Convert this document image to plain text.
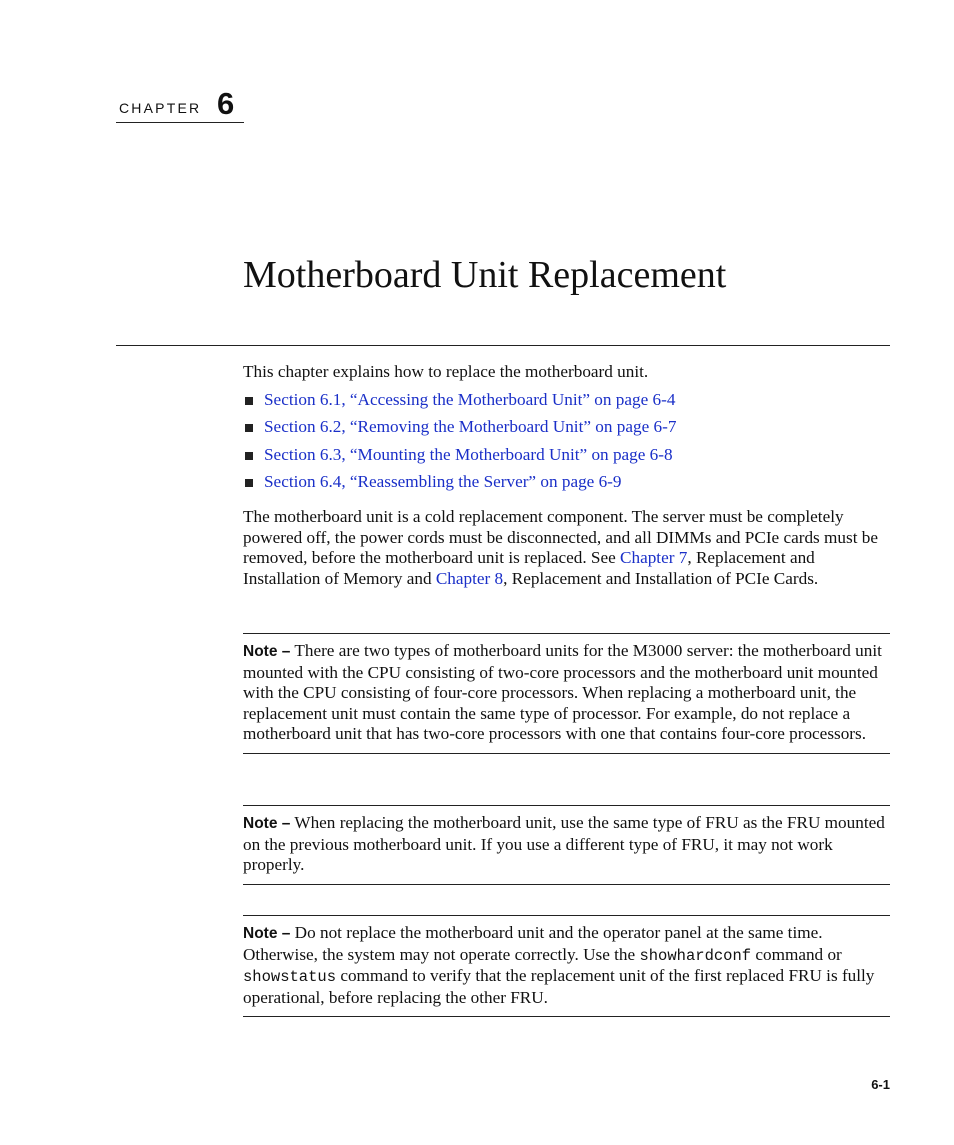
CHAPTER 6
Motherboard Unit Replacement

This chapter explains how to replace the motherboard unit.

Section 6.1, “Accessing the Motherboard Unit” on page 6-4
Section 6.2, “Removing the Motherboard Unit” on page 6-7
Section 6.3, “Mounting the Motherboard Unit” on page 6-8
Section 6.4, “Reassembling the Server” on page 6-9

The motherboard unit is a cold replacement component. The server must be completely powered off, the power cords must be disconnected, and all DIMMs and PCIe cards must be removed, before the motherboard unit is replaced. See Chapter 7, Replacement and Installation of Memory and Chapter 8, Replacement and Installation of PCIe Cards.

Note – There are two types of motherboard units for the M3000 server: the motherboard unit mounted with the CPU consisting of two-core processors and the motherboard unit mounted with the CPU consisting of four-core processors. When replacing a motherboard unit, the replacement unit must contain the same type of processor. For example, do not replace a motherboard unit that has two-core processors with one that contains four-core processors.
Note – When replacing the motherboard unit, use the same type of FRU as the FRU mounted on the previous motherboard unit. If you use a different type of FRU, it may not work properly.
Note – Do not replace the motherboard unit and the operator panel at the same time. Otherwise, the system may not operate correctly. Use the showhardconf command or showstatus command to verify that the replacement unit of the first replaced FRU is fully operational, before replacing the other FRU.
6-1
